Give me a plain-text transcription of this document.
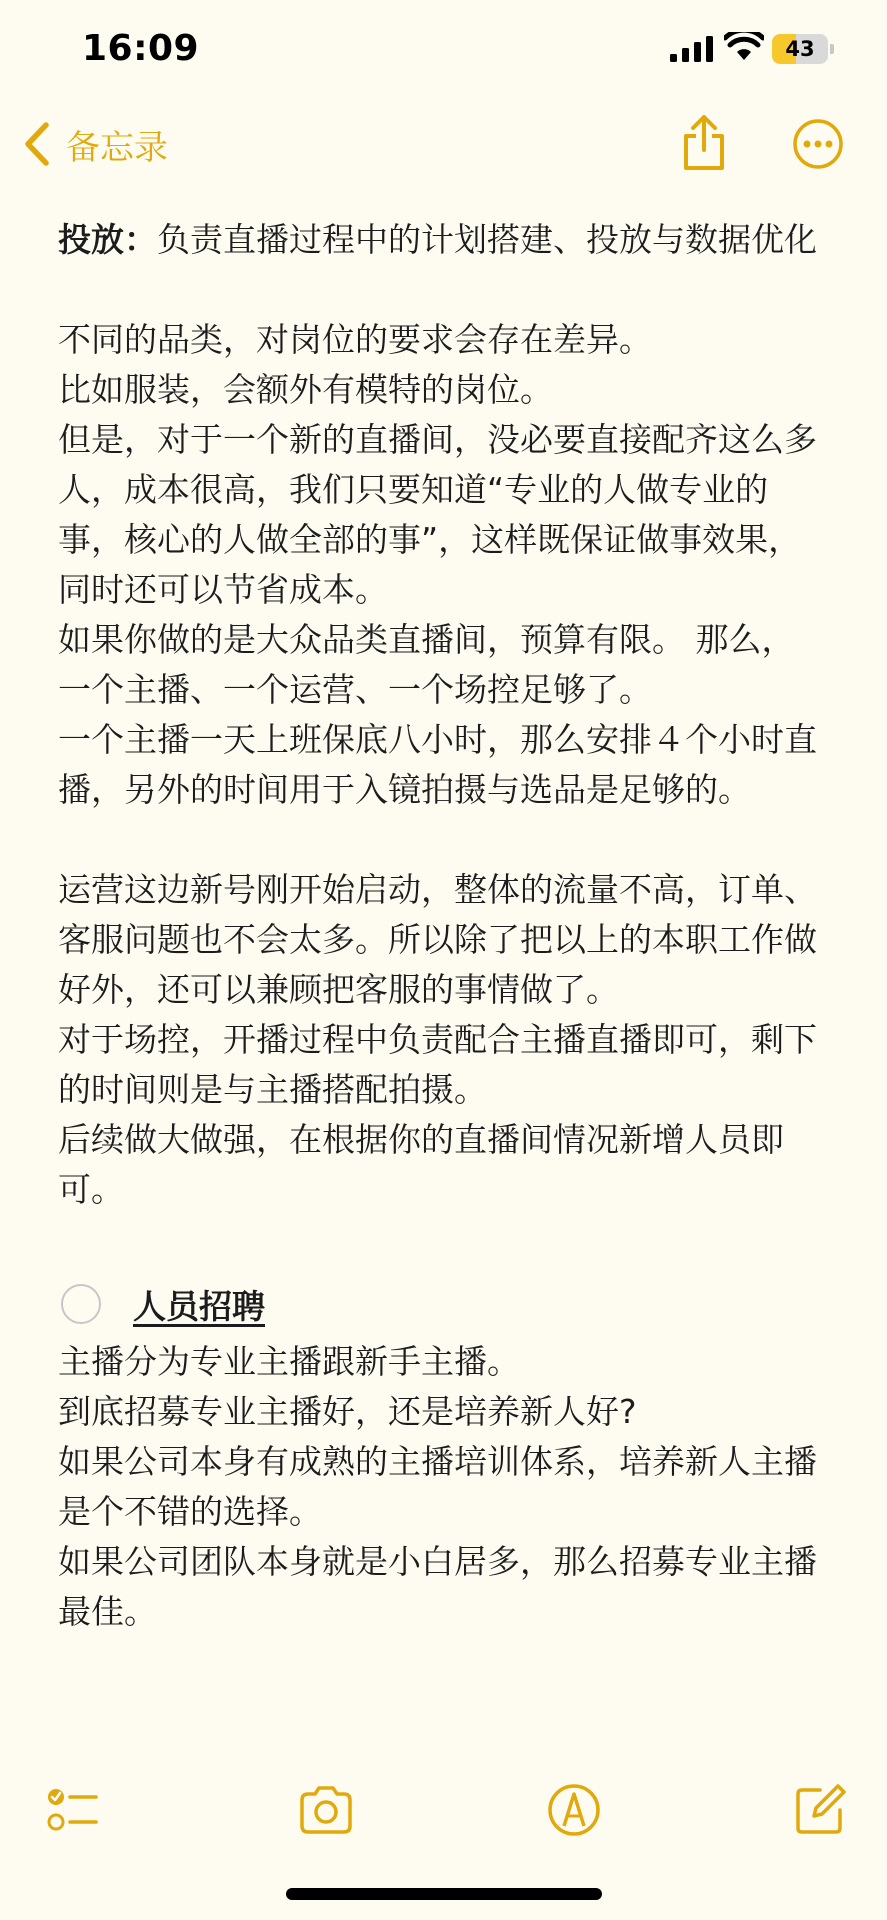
16:09	43
备忘录

投放：负责直播过程中的计划搭建、投放与数据优化

不同的品类，对岗位的要求会存在差异。

比如服装，会额外有模特的岗位。

但是，对于一个新的直播间，没必要直接配齐这么多人，成本很高，我们只要知道“专业的人做专业的事，核心的人做全部的事”，这样既保证做事效果，同时还可以节省成本。

如果你做的是大众品类直播间，预算有限。 那么，一个主播、一个运营、一个场控足够了。

一个主播一天上班保底八小时，那么安排４个小时直播，另外的时间用于入镜拍摄与选品是足够的。

运营这边新号刚开始启动，整体的流量不高，订单、客服问题也不会太多。所以除了把以上的本职工作做好外，还可以兼顾把客服的事情做了。

对于场控，开播过程中负责配合主播直播即可，剩下的时间则是与主播搭配拍摄。

后续做大做强，在根据你的直播间情况新增人员即可。

人员招聘

主播分为专业主播跟新手主播。

到底招募专业主播好，还是培养新人好?

如果公司本身有成熟的主播培训体系，培养新人主播是个不错的选择。

如果公司团队本身就是小白居多，那么招募专业主播最佳。
